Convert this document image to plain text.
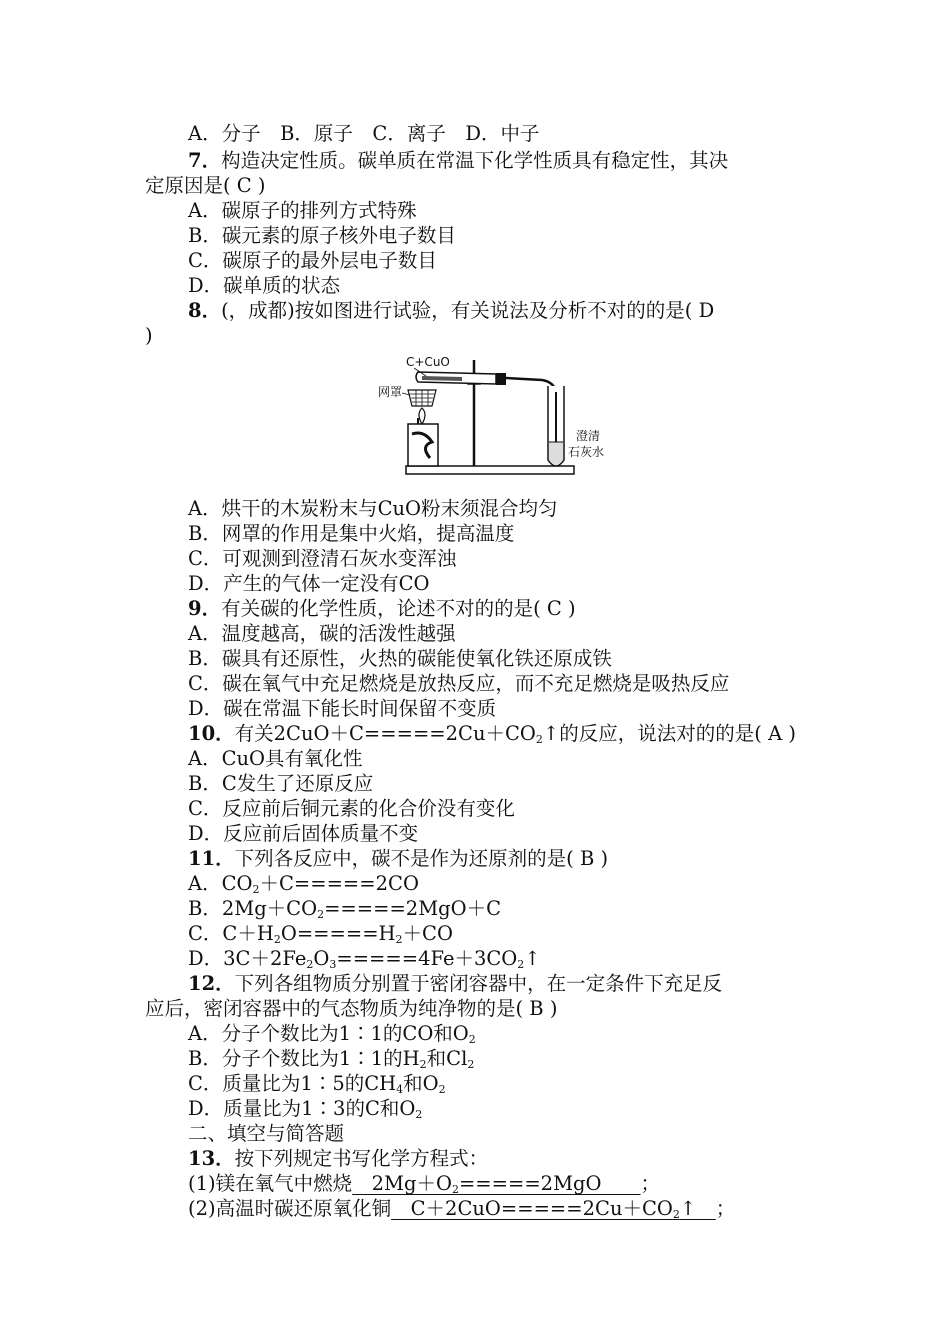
A．分子　B．原子　C．离子　D．中子
7．构造决定性质。碳单质在常温下化学性质具有稳定性，其决
定原因是( C )
A．碳原子的排列方式特殊
B．碳元素的原子核外电子数目
C．碳原子的最外层电子数目
D．碳单质的状态
8．(，成都)按如图进行试验，有关说法及分析不对的的是( D
)
C+CuO
网罩
澄清
石灰水
A．烘干的木炭粉末与CuO粉末须混合均匀
B．网罩的作用是集中火焰，提高温度
C．可观测到澄清石灰水变浑浊
D．产生的气体一定没有CO
9．有关碳的化学性质，论述不对的的是( C )
A．温度越高，碳的活泼性越强
B．碳具有还原性，火热的碳能使氧化铁还原成铁
C．碳在氧气中充足燃烧是放热反应，而不充足燃烧是吸热反应
D．碳在常温下能长时间保留不变质
10．有关$2CuO+C=====2Cu+CO_2↑$的反应，说法对的的是( A )
A．CuO具有氧化性
B．C发生了还原反应
C．反应前后铜元素的化合价没有变化
D．反应前后固体质量不变
11．下列各反应中，碳不是作为还原剂的是( B )
A．$CO_2+C=====2CO$
B．$2Mg+CO_2=====2MgO+C$
C．$C+H_2O=====H_2+CO$
D．$3C+2Fe_2O_3=====4Fe+3CO_2↑$
12．下列各组物质分别置于密闭容器中，在一定条件下充足反
应后，密闭容器中的气态物质为纯净物的是( B )
A．分子个数比为1∶1的CO和$O_2$
B．分子个数比为1∶1的$H_2$和$Cl_2$
C．质量比为1∶5的$CH_4$和$O_2$
D．质量比为1∶3的C和$O_2$
二、填空与简答题
13．按下列规定书写化学方程式：
(1)镁在氧气中燃烧　$2Mg+O_2=====2MgO$　　；
(2)高温时碳还原氧化铜　$C+2CuO=====2Cu+CO_2↑$　；
